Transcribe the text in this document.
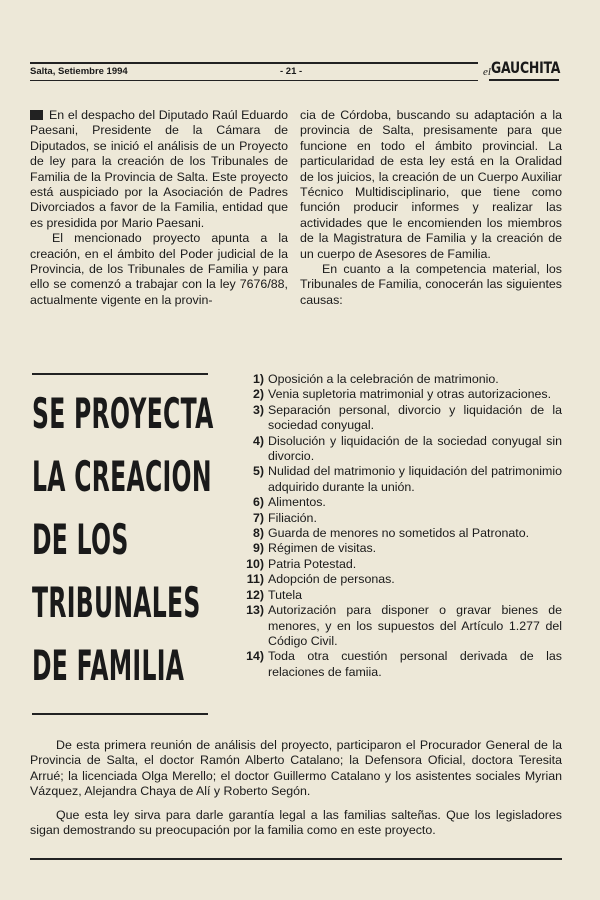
Salta, Setiembre 1994	- 21 -	el GAUCHITA

En el despacho del Diputado Raúl Eduardo Paesani, Presidente de la Cámara de Diputados, se inició el análisis de un Proyecto de ley para la creación de los Tribunales de Familia de la Provincia de Salta. Este proyecto está auspiciado por la Asociación de Padres Divorciados a favor de la Familia, entidad que es presidida por Mario Paesani.

El mencionado proyecto apunta a la creación, en el ámbito del Poder judicial de la Provincia, de los Tribunales de Familia y para ello se comenzó a trabajar con la ley 7676/88, actualmente vigente en la provin-

cia de Córdoba, buscando su adaptación a la provincia de Salta, presisamente para que funcione en todo el ámbito provincial. La particularidad de esta ley está en la Oralidad de los juicios, la creación de un Cuerpo Auxiliar Técnico Multidisciplinario, que tiene como función producir informes y realizar las actividades que le encomienden los miembros de la Magistratura de Familia y la creación de un cuerpo de Asesores de Familia.

En cuanto a la competencia material, los Tribunales de Familia, conocerán las siguientes causas:

SE PROYECTA
LA CREACION
DE LOS
TRIBUNALES
DE FAMILIA
1) Oposición a la celebración de matrimonio.
2) Venia supletoria matrimonial y otras autorizaciones.
3) Separación personal, divorcio y liquidación de la sociedad conyugal.
4) Disolución y liquidación de la sociedad conyugal sin divorcio.
5) Nulidad del matrimonio y liquidación del patrimonimio adquirido durante la unión.
6) Alimentos.
7) Filiación.
8) Guarda de menores no sometidos al Patronato.
9) Régimen de visitas.
10) Patria Potestad.
11) Adopción de personas.
12) Tutela
13) Autorización para disponer o gravar bienes de menores, y en los supuestos del Artículo 1.277 del Código Civil.
14) Toda otra cuestión personal derivada de las relaciones de famiia.

De esta primera reunión de análisis del proyecto, participaron el Procurador General de la Provincia de Salta, el doctor Ramón Alberto Catalano; la Defensora Oficial, doctora Teresita Arrué; la licenciada Olga Merello; el doctor Guillermo Catalano y los asistentes sociales Myrian Vázquez, Alejandra Chaya de Alí y Roberto Segón.

Que esta ley sirva para darle garantía legal a las familias salteñas. Que los legisladores sigan demostrando su preocupación por la familia como en este proyecto.
